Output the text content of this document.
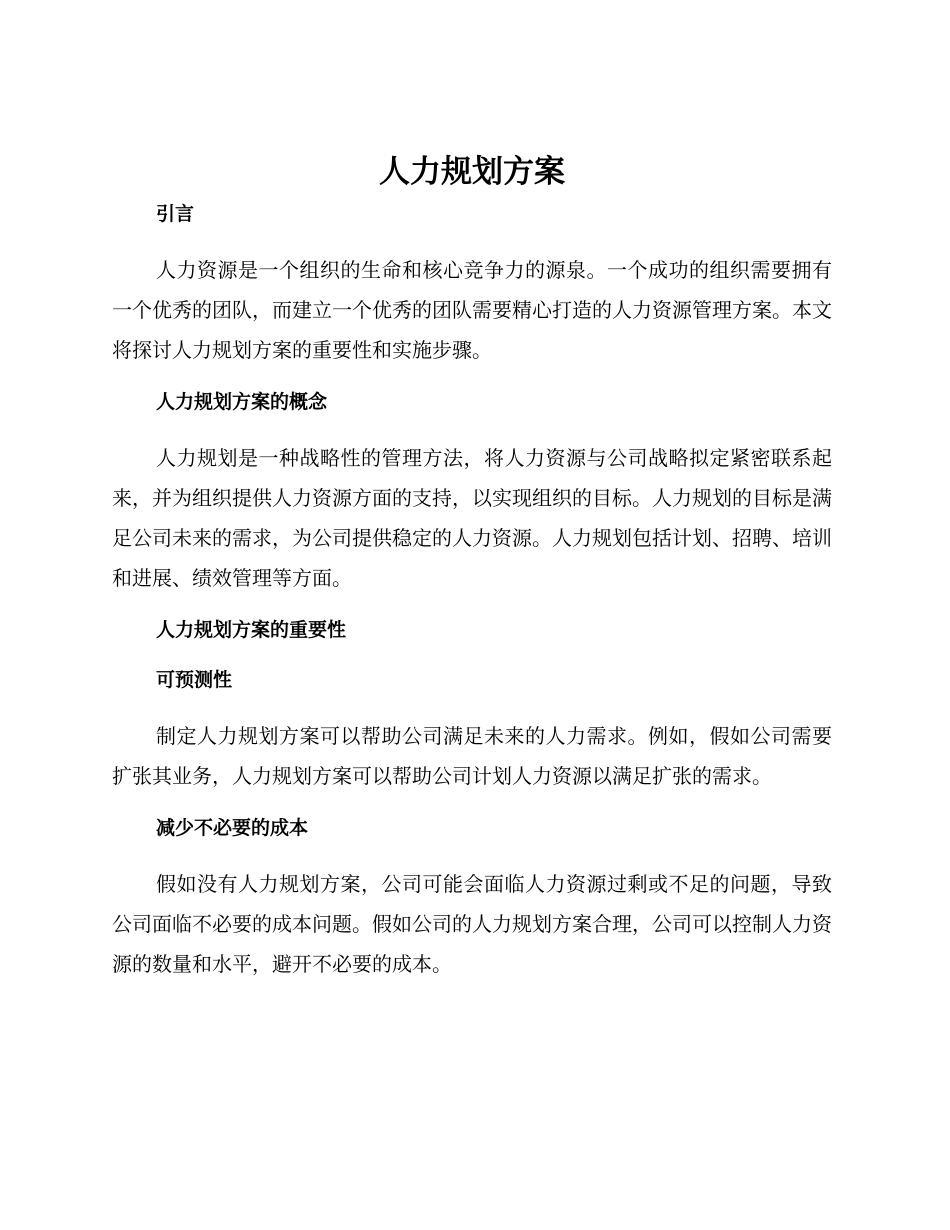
人力规划方案
引言

人力资源是一个组织的生命和核心竞争力的源泉。一个成功的组织需要拥有一个优秀的团队，而建立一个优秀的团队需要精心打造的人力资源管理方案。本文将探讨人力规划方案的重要性和实施步骤。

人力规划方案的概念

人力规划是一种战略性的管理方法，将人力资源与公司战略拟定紧密联系起来，并为组织提供人力资源方面的支持，以实现组织的目标。人力规划的目标是满足公司未来的需求，为公司提供稳定的人力资源。人力规划包括计划、招聘、培训和进展、绩效管理等方面。

人力规划方案的重要性
可预测性

制定人力规划方案可以帮助公司满足未来的人力需求。例如，假如公司需要扩张其业务，人力规划方案可以帮助公司计划人力资源以满足扩张的需求。

减少不必要的成本

假如没有人力规划方案，公司可能会面临人力资源过剩或不足的问题，导致公司面临不必要的成本问题。假如公司的人力规划方案合理，公司可以控制人力资源的数量和水平，避开不必要的成本。
